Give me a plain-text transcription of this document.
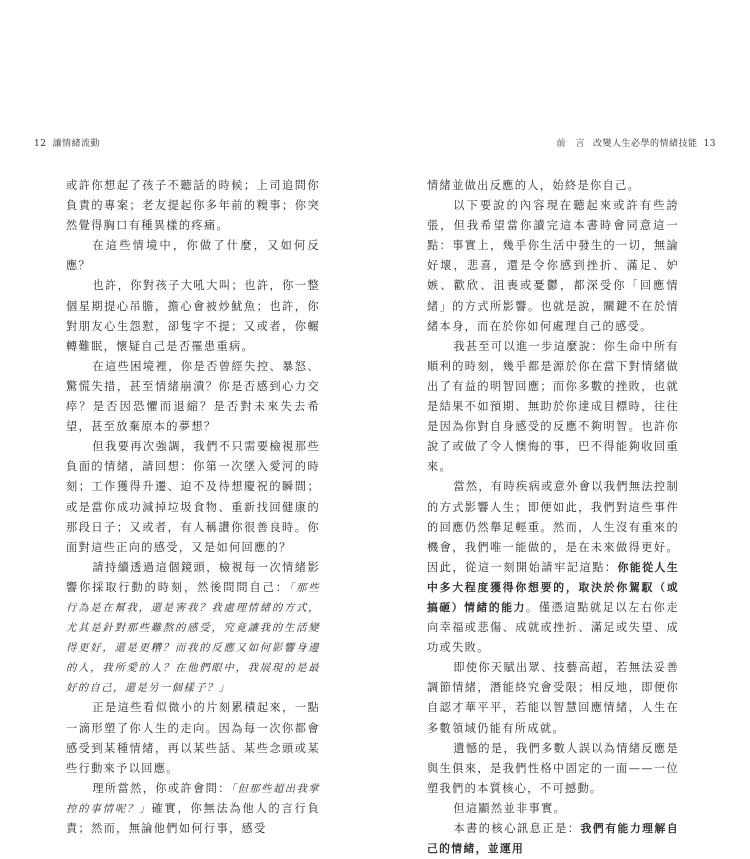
12 讓情緒流動

或許你想起了孩子不聽話的時候；上司追問你負責的專案；老友提起你多年前的糗事；你突然覺得胸口有種異樣的疼痛。

在這些情境中，你做了什麼，又如何反應？

也許，你對孩子大吼大叫；也許，你一整個星期提心吊膽，擔心會被炒魷魚；也許，你對朋友心生怨懟，卻隻字不提；又或者，你輾轉難眠，懷疑自己是否罹患重病。

在這些困境裡，你是否曾經失控、暴怒、驚慌失措，甚至情緒崩潰？你是否感到心力交瘁？是否因恐懼而退縮？是否對未來失去希望，甚至放棄原本的夢想？

但我要再次強調，我們不只需要檢視那些負面的情緒，請回想：你第一次墜入愛河的時刻；工作獲得升遷、迫不及待想慶祝的瞬間；或是當你成功減掉垃圾食物、重新找回健康的那段日子；又或者，有人稱讚你很善良時。你面對這些正向的感受，又是如何回應的？

請持續透過這個鏡頭，檢視每一次情緒影響你採取行動的時刻，然後問問自己：「那些行為是在幫我，還是害我？我處理情緒的方式，尤其是針對那些難熬的感受，究竟讓我的生活變得更好，還是更糟？而我的反應又如何影響身邊的人，我所愛的人？在他們眼中，我展現的是最好的自己，還是另一個樣子？」

正是這些看似微小的片刻累積起來，一點一滴形塑了你人生的走向。因為每一次你都會感受到某種情緒，再以某些話、某些念頭或某些行動來予以回應。

理所當然，你或許會問：「但那些超出我掌控的事情呢？」確實，你無法為他人的言行負責；然而，無論他們如何行事，感受

前　言 改變人生必學的情緒技能 13

情緒並做出反應的人，始終是你自己。

以下要說的內容現在聽起來或許有些誇張，但我希望當你讀完這本書時會同意這一點：事實上，幾乎你生活中發生的一切，無論好壞，悲喜，還是令你感到挫折、滿足、妒嫉、歡欣、沮喪或憂鬱，都深受你「回應情緒」的方式所影響。也就是說，關鍵不在於情緒本身，而在於你如何處理自己的感受。

我甚至可以進一步這麼說：你生命中所有順利的時刻，幾乎都是源於你在當下對情緒做出了有益的明智回應；而你多數的挫敗，也就是結果不如預期、無助於你達成目標時，往往是因為你對自身感受的反應不夠明智。也許你說了或做了令人懊悔的事，巴不得能夠收回重來。

當然，有時疾病或意外會以我們無法控制的方式影響人生；即便如此，我們對這些事件的回應仍然舉足輕重。然而，人生沒有重來的機會，我們唯一能做的，是在未來做得更好。因此，從這一刻開始請牢記這點：你能從人生中多大程度獲得你想要的，取決於你駕馭（或搞砸）情緒的能力。僅憑這點就足以左右你走向幸福或悲傷、成就或挫折、滿足或失望、成功或失敗。

即使你天賦出眾、技藝高超，若無法妥善調節情緒，潛能終究會受限；相反地，即便你自認才華平平，若能以智慧回應情緒，人生在多數領域仍能有所成就。

遺憾的是，我們多數人誤以為情緒反應是與生俱來，是我們性格中固定的一面——一位塑我們的本質核心，不可撼動。

但這顯然並非事實。

本書的核心訊息正是：我們有能力理解自己的情緒，並運用
